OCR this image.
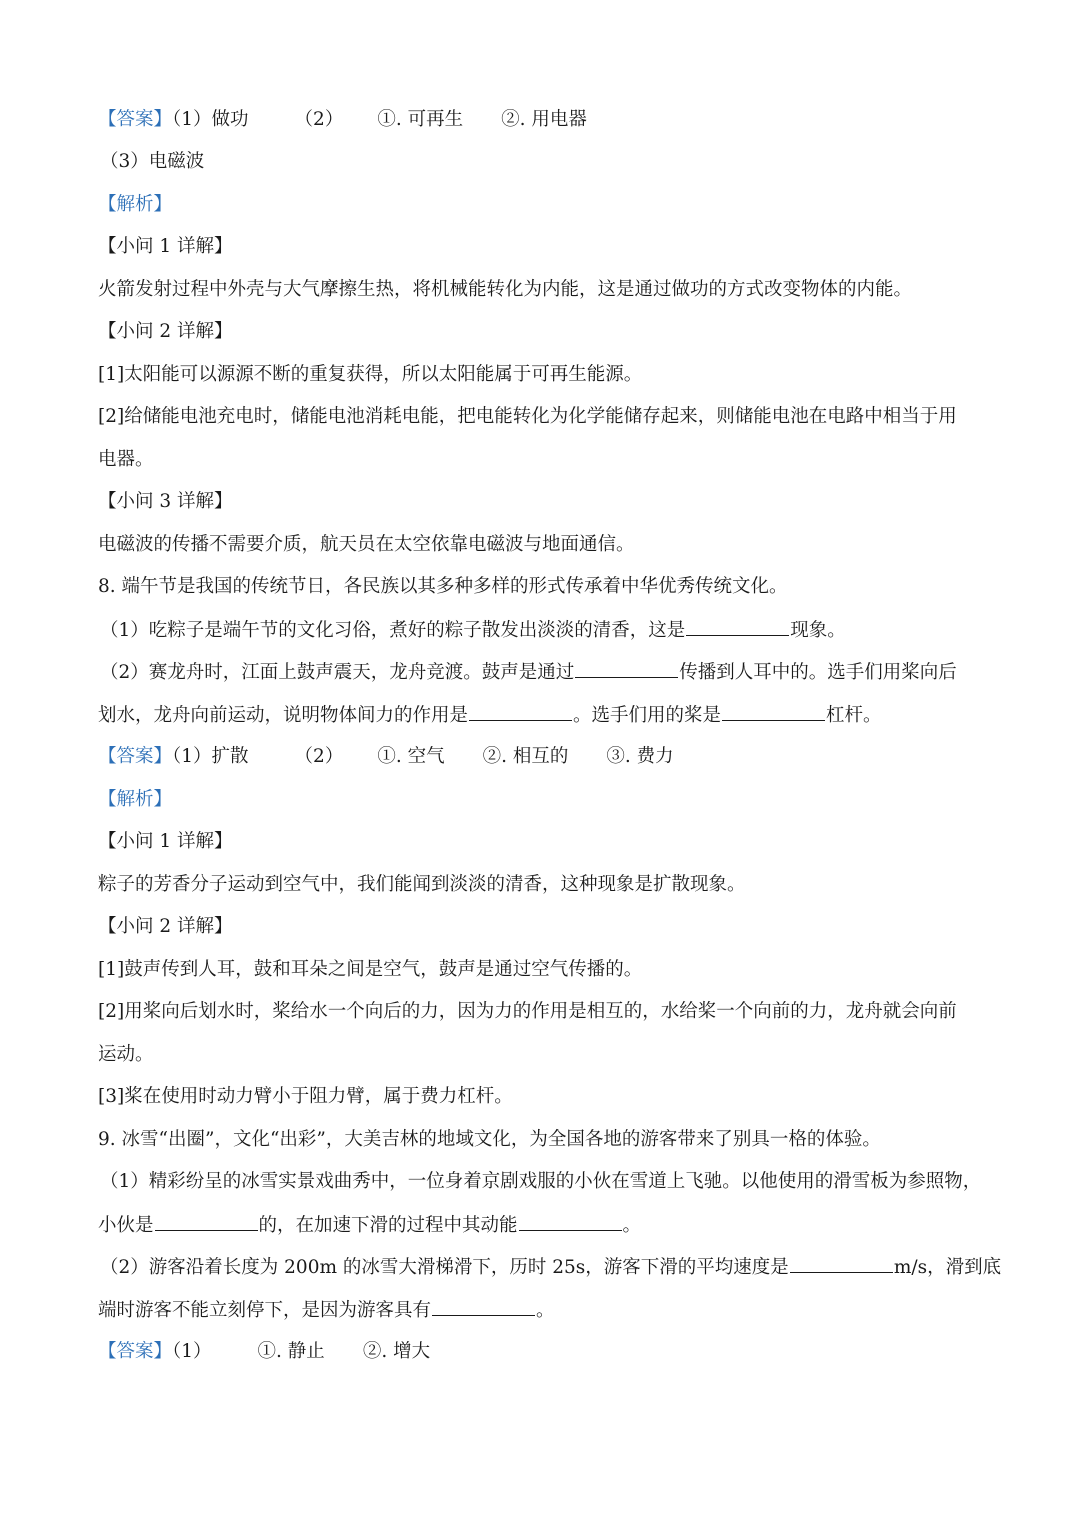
【答案】（1）做功 （2） ①. 可再生 ②. 用电器
（3）电磁波
【解析】
【小问 1 详解】
火箭发射过程中外壳与大气摩擦生热，将机械能转化为内能，这是通过做功的方式改变物体的内能。
【小问 2 详解】
[1]太阳能可以源源不断的重复获得，所以太阳能属于可再生能源。
[2]给储能电池充电时，储能电池消耗电能，把电能转化为化学能储存起来，则储能电池在电路中相当于用
电器。
【小问 3 详解】
电磁波的传播不需要介质，航天员在太空依靠电磁波与地面通信。
8. 端午节是我国的传统节日，各民族以其多种多样的形式传承着中华优秀传统文化。
（1）吃粽子是端午节的文化习俗，煮好的粽子散发出淡淡的清香，这是	现象。
（2）赛龙舟时，江面上鼓声震天，龙舟竞渡。鼓声是通过	传播到人耳中的。选手们用桨向后
划水，龙舟向前运动，说明物体间力的作用是	。选手们用的桨是	杠杆。
【答案】（1）扩散 （2） ①. 空气 ②. 相互的 ③. 费力
【解析】
【小问 1 详解】
粽子的芳香分子运动到空气中，我们能闻到淡淡的清香，这种现象是扩散现象。
【小问 2 详解】
[1]鼓声传到人耳，鼓和耳朵之间是空气，鼓声是通过空气传播的。
[2]用桨向后划水时，桨给水一个向后的力，因为力的作用是相互的，水给桨一个向前的力，龙舟就会向前
运动。
[3]桨在使用时动力臂小于阻力臂，属于费力杠杆。
9. 冰雪“出圈”，文化“出彩”，大美吉林的地域文化，为全国各地的游客带来了别具一格的体验。
（1）精彩纷呈的冰雪实景戏曲秀中，一位身着京剧戏服的小伙在雪道上飞驰。以他使用的滑雪板为参照物，
小伙是	的，在加速下滑的过程中其动能	。
（2）游客沿着长度为 200m 的冰雪大滑梯滑下，历时 25s，游客下滑的平均速度是	m/s，滑到底
端时游客不能立刻停下，是因为游客具有	。
【答案】（1） ①. 静止 ②. 增大
